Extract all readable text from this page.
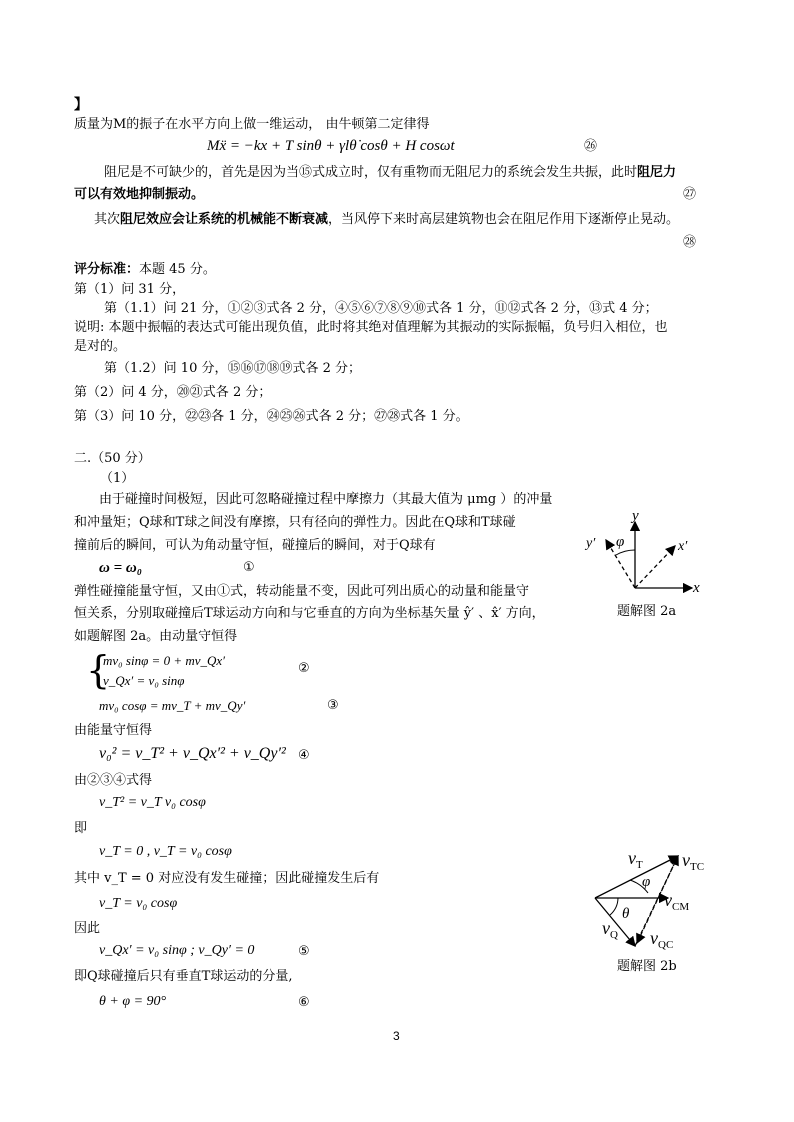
】
质量为M的振子在水平方向上做一维运动， 由牛顿第二定律得
Mẍ = −kx + T sinθ + γlθ̇ cosθ + H cosωt	㉖
阻尼是不可缺少的，首先是因为当⑮式成立时，仅有重物而无阻尼力的系统会发生共振，此时阻尼力
可以有效地抑制振动。	㉗
其次阻尼效应会让系统的机械能不断衰减，当风停下来时高层建筑物也会在阻尼作用下逐渐停止晃动。
㉘
评分标准：本题 45 分。
第（1）问 31 分，
第（1.1）问 21 分，①②③式各 2 分，④⑤⑥⑦⑧⑨⑩式各 1 分，⑪⑫式各 2 分，⑬式 4 分；
说明: 本题中振幅的表达式可能出现负值，此时将其绝对值理解为其振动的实际振幅，负号归入相位，也
是对的。
第（1.2）问 10 分，⑮⑯⑰⑱⑲式各 2 分；
第（2）问 4 分，⑳㉑式各 2 分；
第（3）问 10 分，㉒㉓各 1 分，㉔㉕㉖式各 2 分；㉗㉘式各 1 分。
二.（50 分）
（1）
由于碰撞时间极短，因此可忽略碰撞过程中摩擦力（其最大值为 μmg ）的冲量
和冲量矩；Q球和T球之间没有摩擦，只有径向的弹性力。因此在Q球和T球碰
撞前后的瞬间，可认为角动量守恒，碰撞后的瞬间，对于Q球有
ω = ω₀	①
弹性碰撞能量守恒，又由①式，转动能量不变，因此可列出质心的动量和能量守
恒关系，分别取碰撞后T球运动方向和与它垂直的方向为坐标基矢量 ŷ′ 、x̂′ 方向，
如题解图 2a。由动量守恒得
{
mv₀ sinφ = 0 + mv_Qx′
v_Qx′ = v₀ sinφ
②
mv₀ cosφ = mv_T + mv_Qy′	③
由能量守恒得
v₀² = v_T² + v_Qx′² + v_Qy′² ④
由②③④式得
v_T² = v_T v₀ cosφ
即
v_T = 0 , v_T = v₀ cosφ
其中 v_T = 0 对应没有发生碰撞；因此碰撞发生后有
v_T = v₀ cosφ
因此
v_Qx′ = v₀ sinφ ; v_Qy′ = 0	⑤
即Q球碰撞后只有垂直T球运动的分量,
θ + φ = 90°	⑥
y
x
x′
y′ φ
题解图 2a
$v_T$ $v_{TC}$
$v_{CM}$
$v_Q$ $v_{QC}$
φ
θ
题解图 2b
3
